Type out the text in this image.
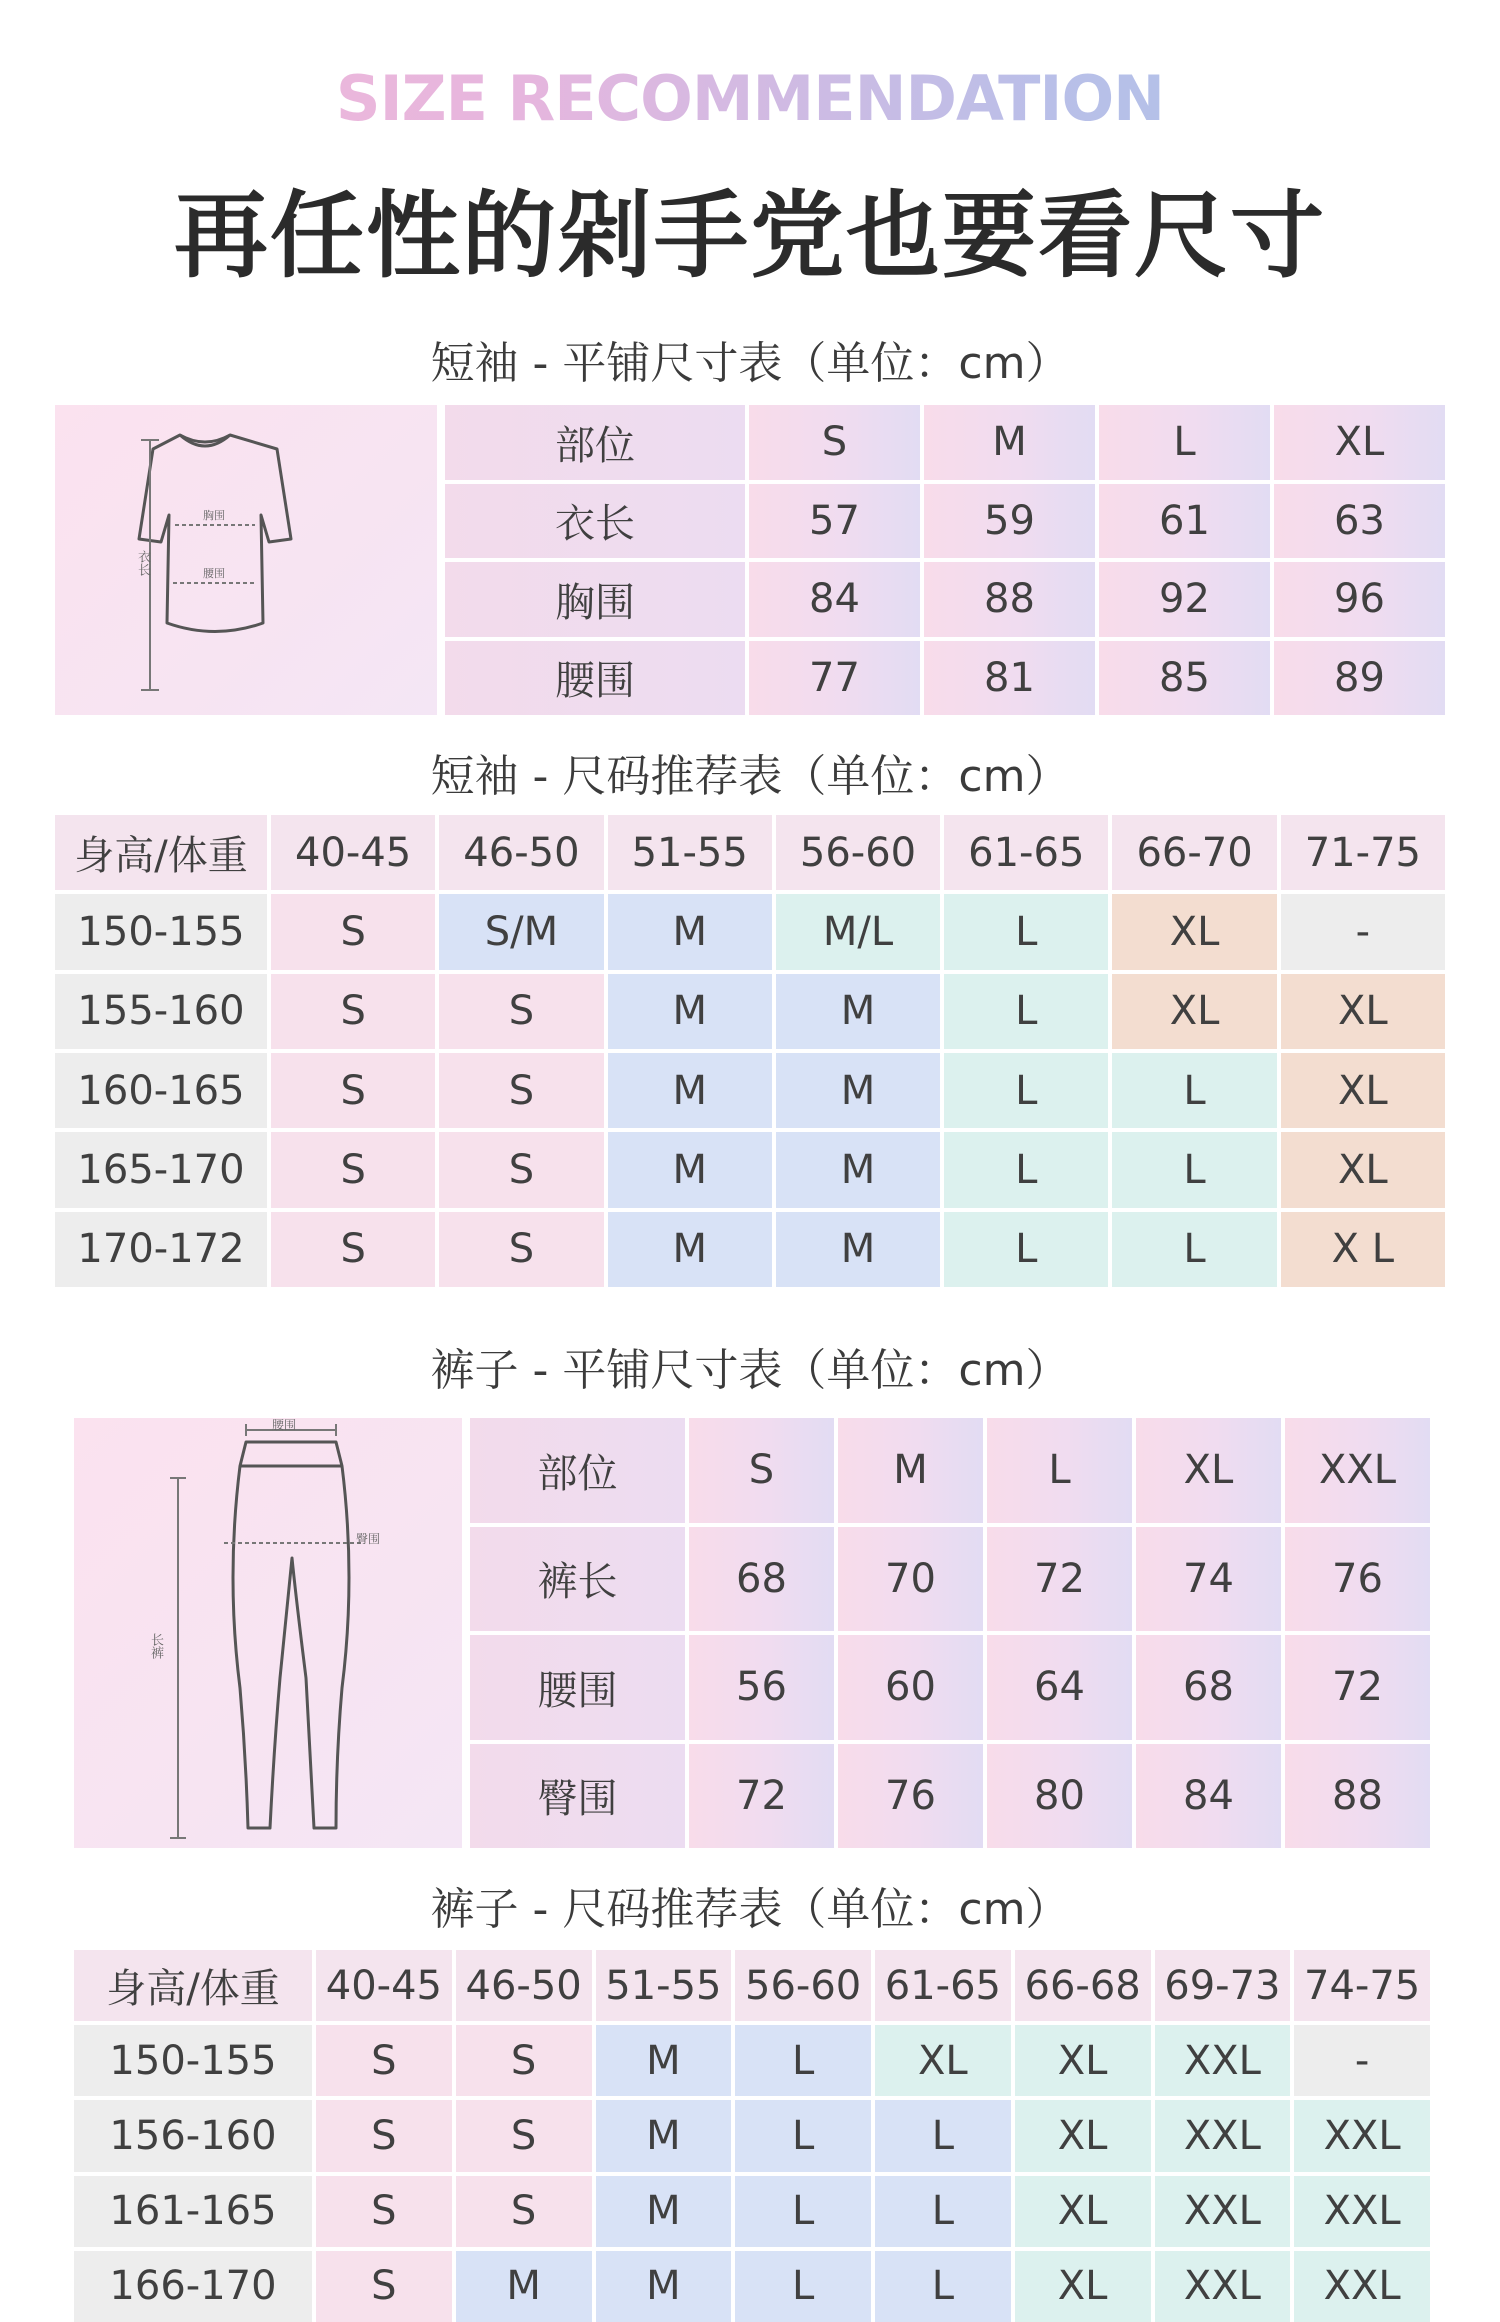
SIZE RECOMMENDATION
再任性的剁手党也要看尺寸
短袖 - 平铺尺寸表（单位：cm）
衣长
胸围
腰围
部位	S	M	L	XL
衣长	57	59	61	63
胸围	84	88	92	96
腰围	77	81	85	89
短袖 - 尺码推荐表（单位：cm）
身高/体重	40-45	46-50	51-55	56-60	61-65	66-70	71-75
150-155	S	S/M	M	M/L	L	XL	-
155-160	S	S	M	M	L	XL	XL
160-165	S	S	M	M	L	L	XL
165-170	S	S	M	M	L	L	XL
170-172	S	S	M	M	L	L	X L
裤子 - 平铺尺寸表（单位：cm）
腰围
臀围
长裤
部位	S	M	L	XL	XXL
裤长	68	70	72	74	76
腰围	56	60	64	68	72
臀围	72	76	80	84	88
裤子 - 尺码推荐表（单位：cm）
身高/体重	40-45 46-50 51-55 56-60 61-65 66-68 69-73 74-75
150-155	S	S	M	L	XL	XL	XXL	-
156-160	S	S	M	L	L	XL	XXL	XXL
161-165	S	S	M	L	L	XL	XXL	XXL
166-170	S	M	M	L	L	XL	XXL	XXL
